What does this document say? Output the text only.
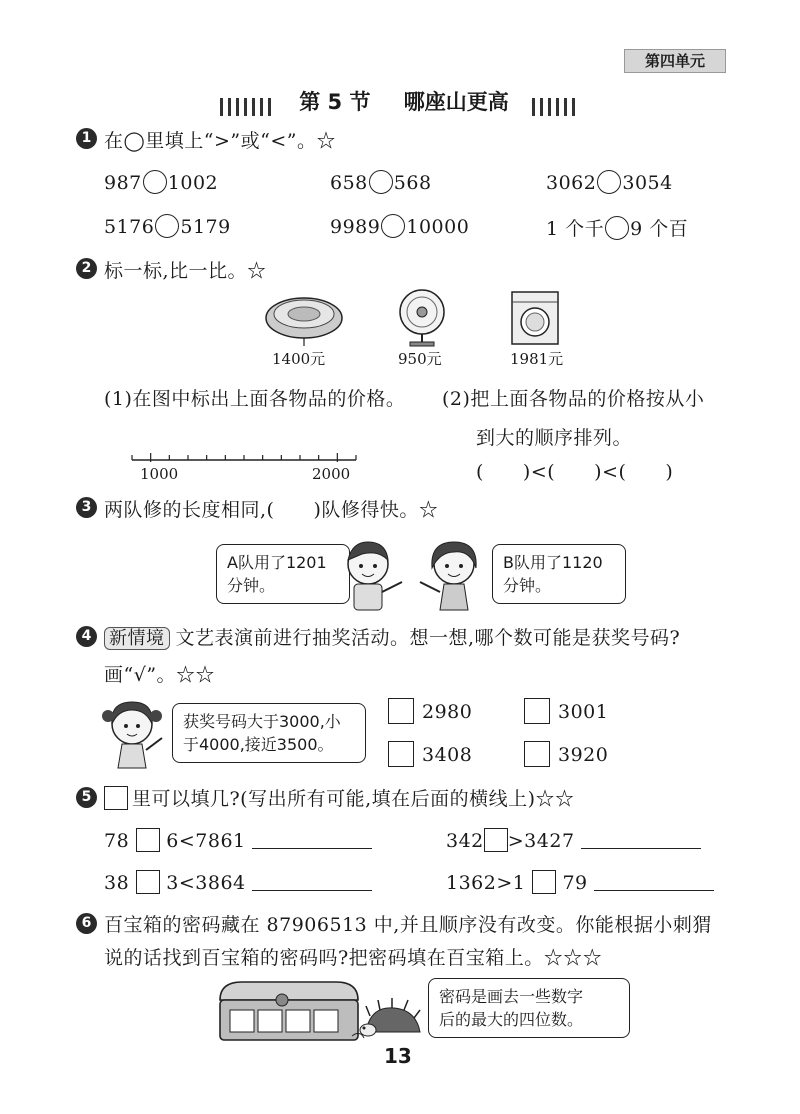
第四单元
第 5 节 哪座山更高
1 在◯里填上“>”或“<”。☆
987 1002	658 568	3062 3054
5176 5179	9989 10000	1 个千 9 个百
2 标一标,比一比。☆
1400元	950元	1981元
(1)在图中标出上面各物品的价格。 (2)把上面各物品的价格按从小
到大的顺序排列。
(　　)<(　　)<(　　)
1000	2000
3 两队修的长度相同,(　　)队修得快。☆
A队用了1201
分钟。
B队用了1120
分钟。
4 新情境 文艺表演前进行抽奖活动。想一想,哪个数可能是获奖号码?
画“√”。☆☆
获奖号码大于3000,小
于4000,接近3500。
2980	3001
3408	3920
5	里可以填几?(写出所有可能,填在后面的横线上)☆☆
78 6<7861	342 >3427
38 3<3864	1362>1 79
6 百宝箱的密码藏在 87906513 中,并且顺序没有改变。你能根据小刺猬
说的话找到百宝箱的密码吗?把密码填在百宝箱上。☆☆☆
密码是画去一些数字
后的最大的四位数。
13
